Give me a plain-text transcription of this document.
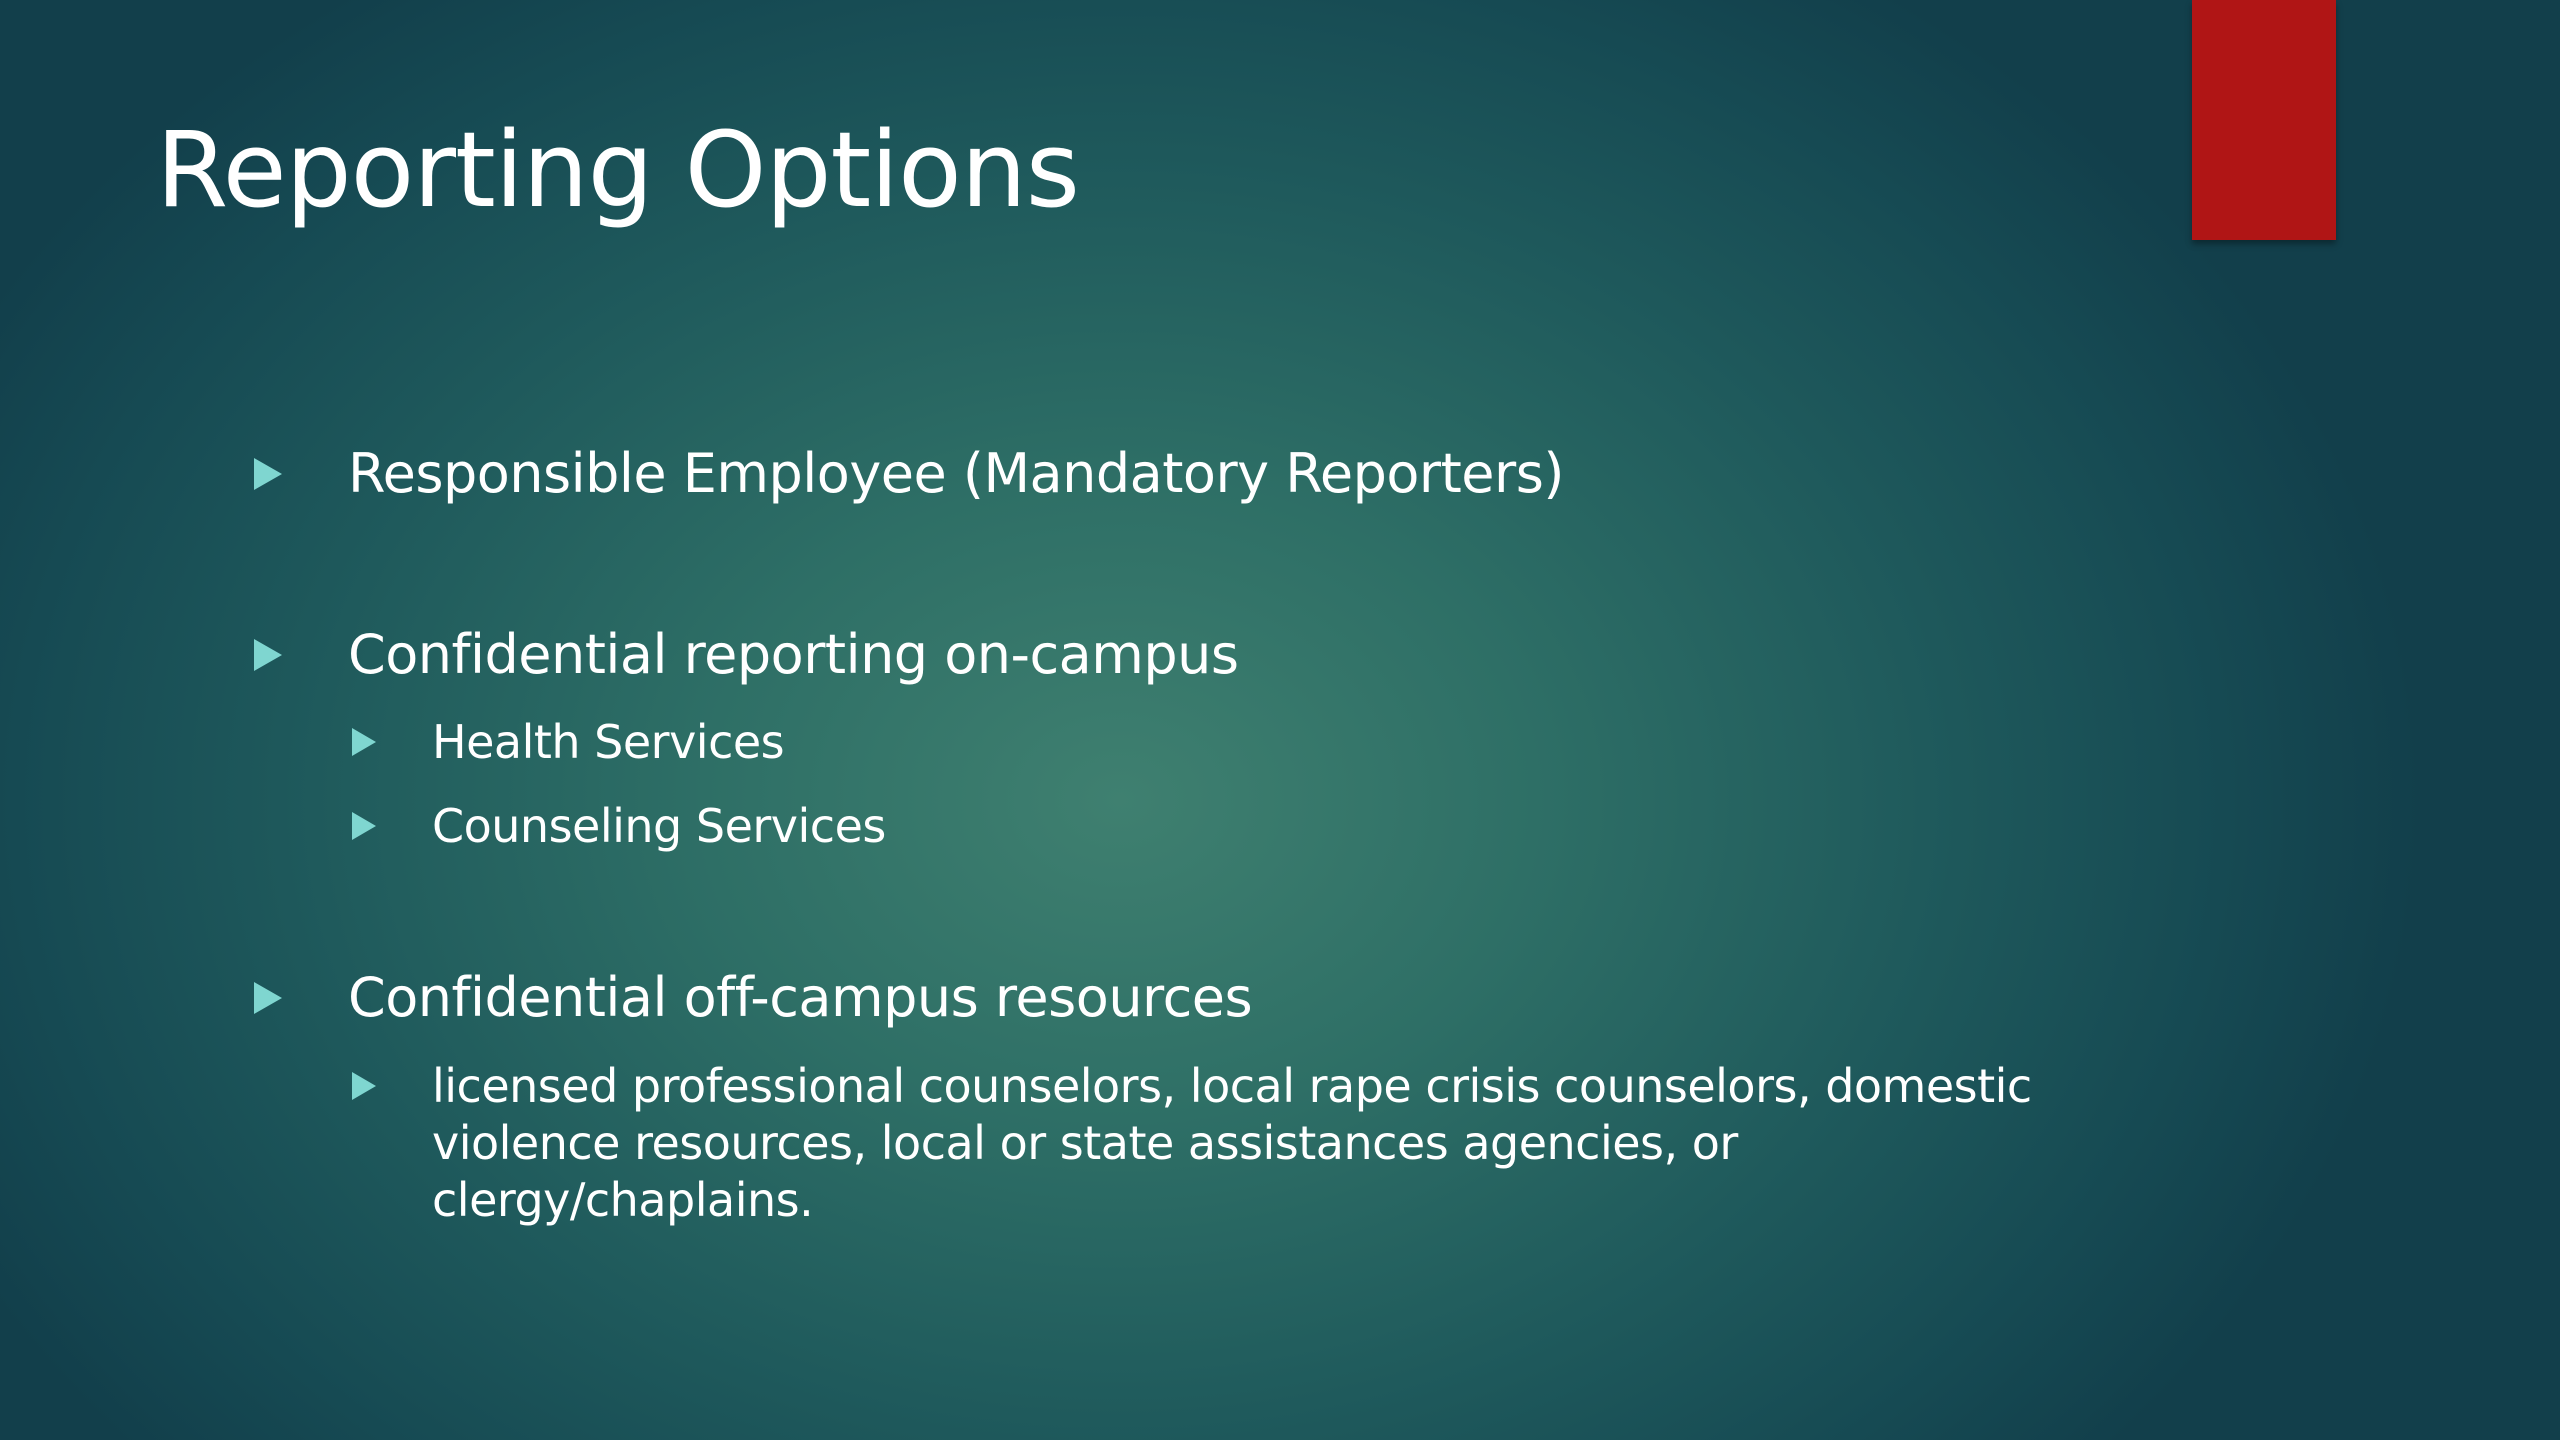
Reporting Options
Responsible Employee (Mandatory Reporters)
Confidential reporting on-campus
Health Services
Counseling Services
Confidential off-campus resources
licensed professional counselors, local rape crisis counselors, domestic violence resources, local or state assistances agencies, or clergy/chaplains.
